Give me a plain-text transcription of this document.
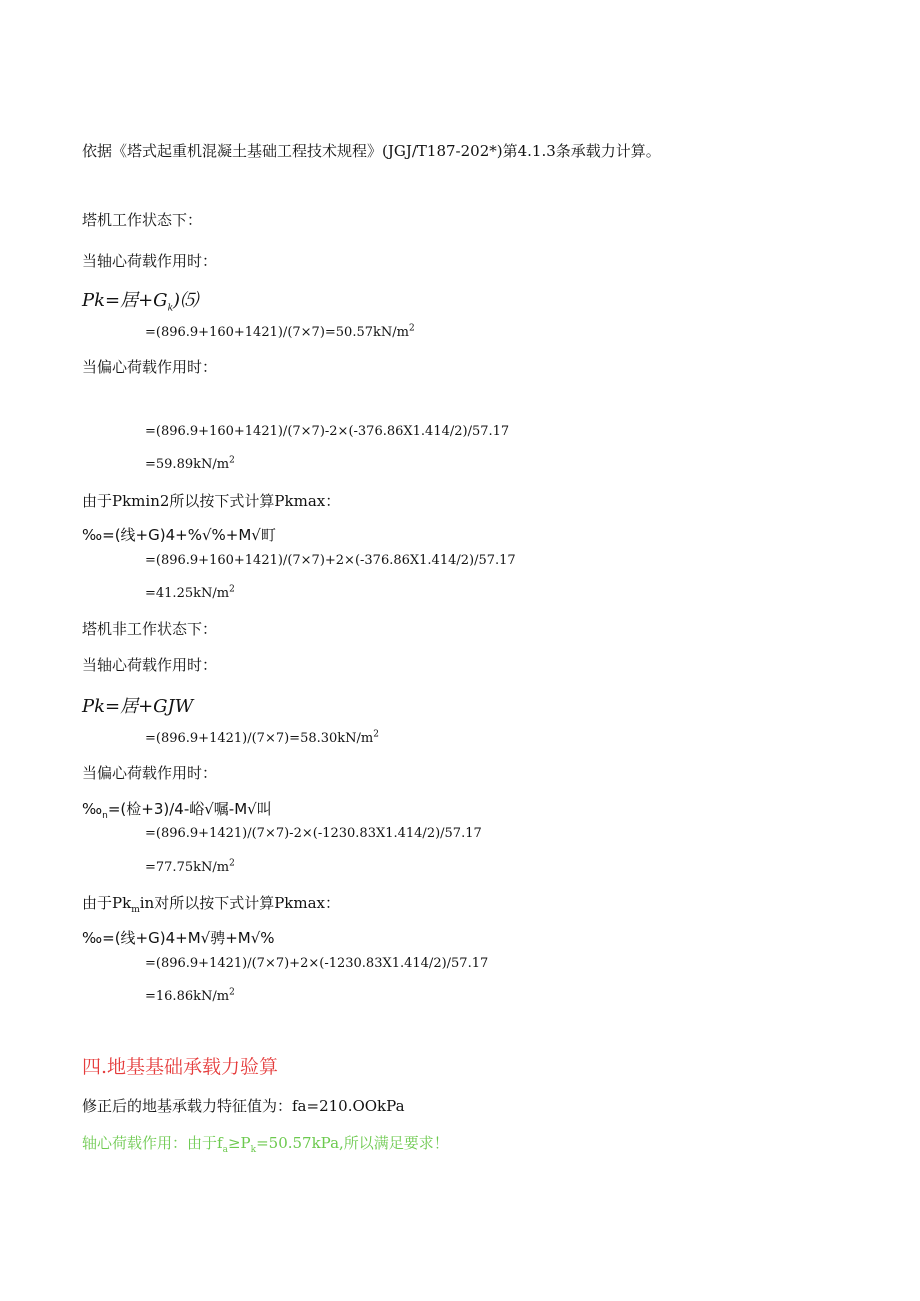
依据《塔式起重机混凝土基础工程技术规程》(JGJ/T187-202*)第4.1.3条承载力计算。
塔机工作状态下：
当轴心荷载作用时：
Pk=居$+G_k)⑸$
$=(896.9+160+1421)/(7\times 7)=50.57kN/m^2$
当偏心荷载作用时：
=(896.9+160+1421)/(7×7)-2×(-376.86X1.414/2)/57.17
$=59.89kN/m^2$
由于Pkmin2所以按下式计算Pkmax：
‰=(线+G)4+%√%+M√町
=(896.9+160+1421)/(7×7)+2×(-376.86X1.414/2)/57.17
$=41.25kN/m^2$
塔机非工作状态下：
当轴心荷载作用时：
Pk=居+GJW
$=(896.9+1421)/(7\times 7)=58.30kN/m^2$
当偏心荷载作用时：
$‰_n=$(检+3)/4-峪√嘱-M√叫
=(896.9+1421)/(7×7)-2×(-1230.83X1.414/2)/57.17
$=77.75kN/m^2$
由于$Pk_min$对所以按下式计算Pkmax：
‰=(线+G)4+M√骋+M√%
=(896.9+1421)/(7×7)+2×(-1230.83X1.414/2)/57.17
$=16.86kN/m^2$
四.地基基础承载力验算
修正后的地基承载力特征值为：fa=210.OOkPa
轴心荷载作用：由于$f_a\ge P_k=50.57kPa$,所以满足要求！
